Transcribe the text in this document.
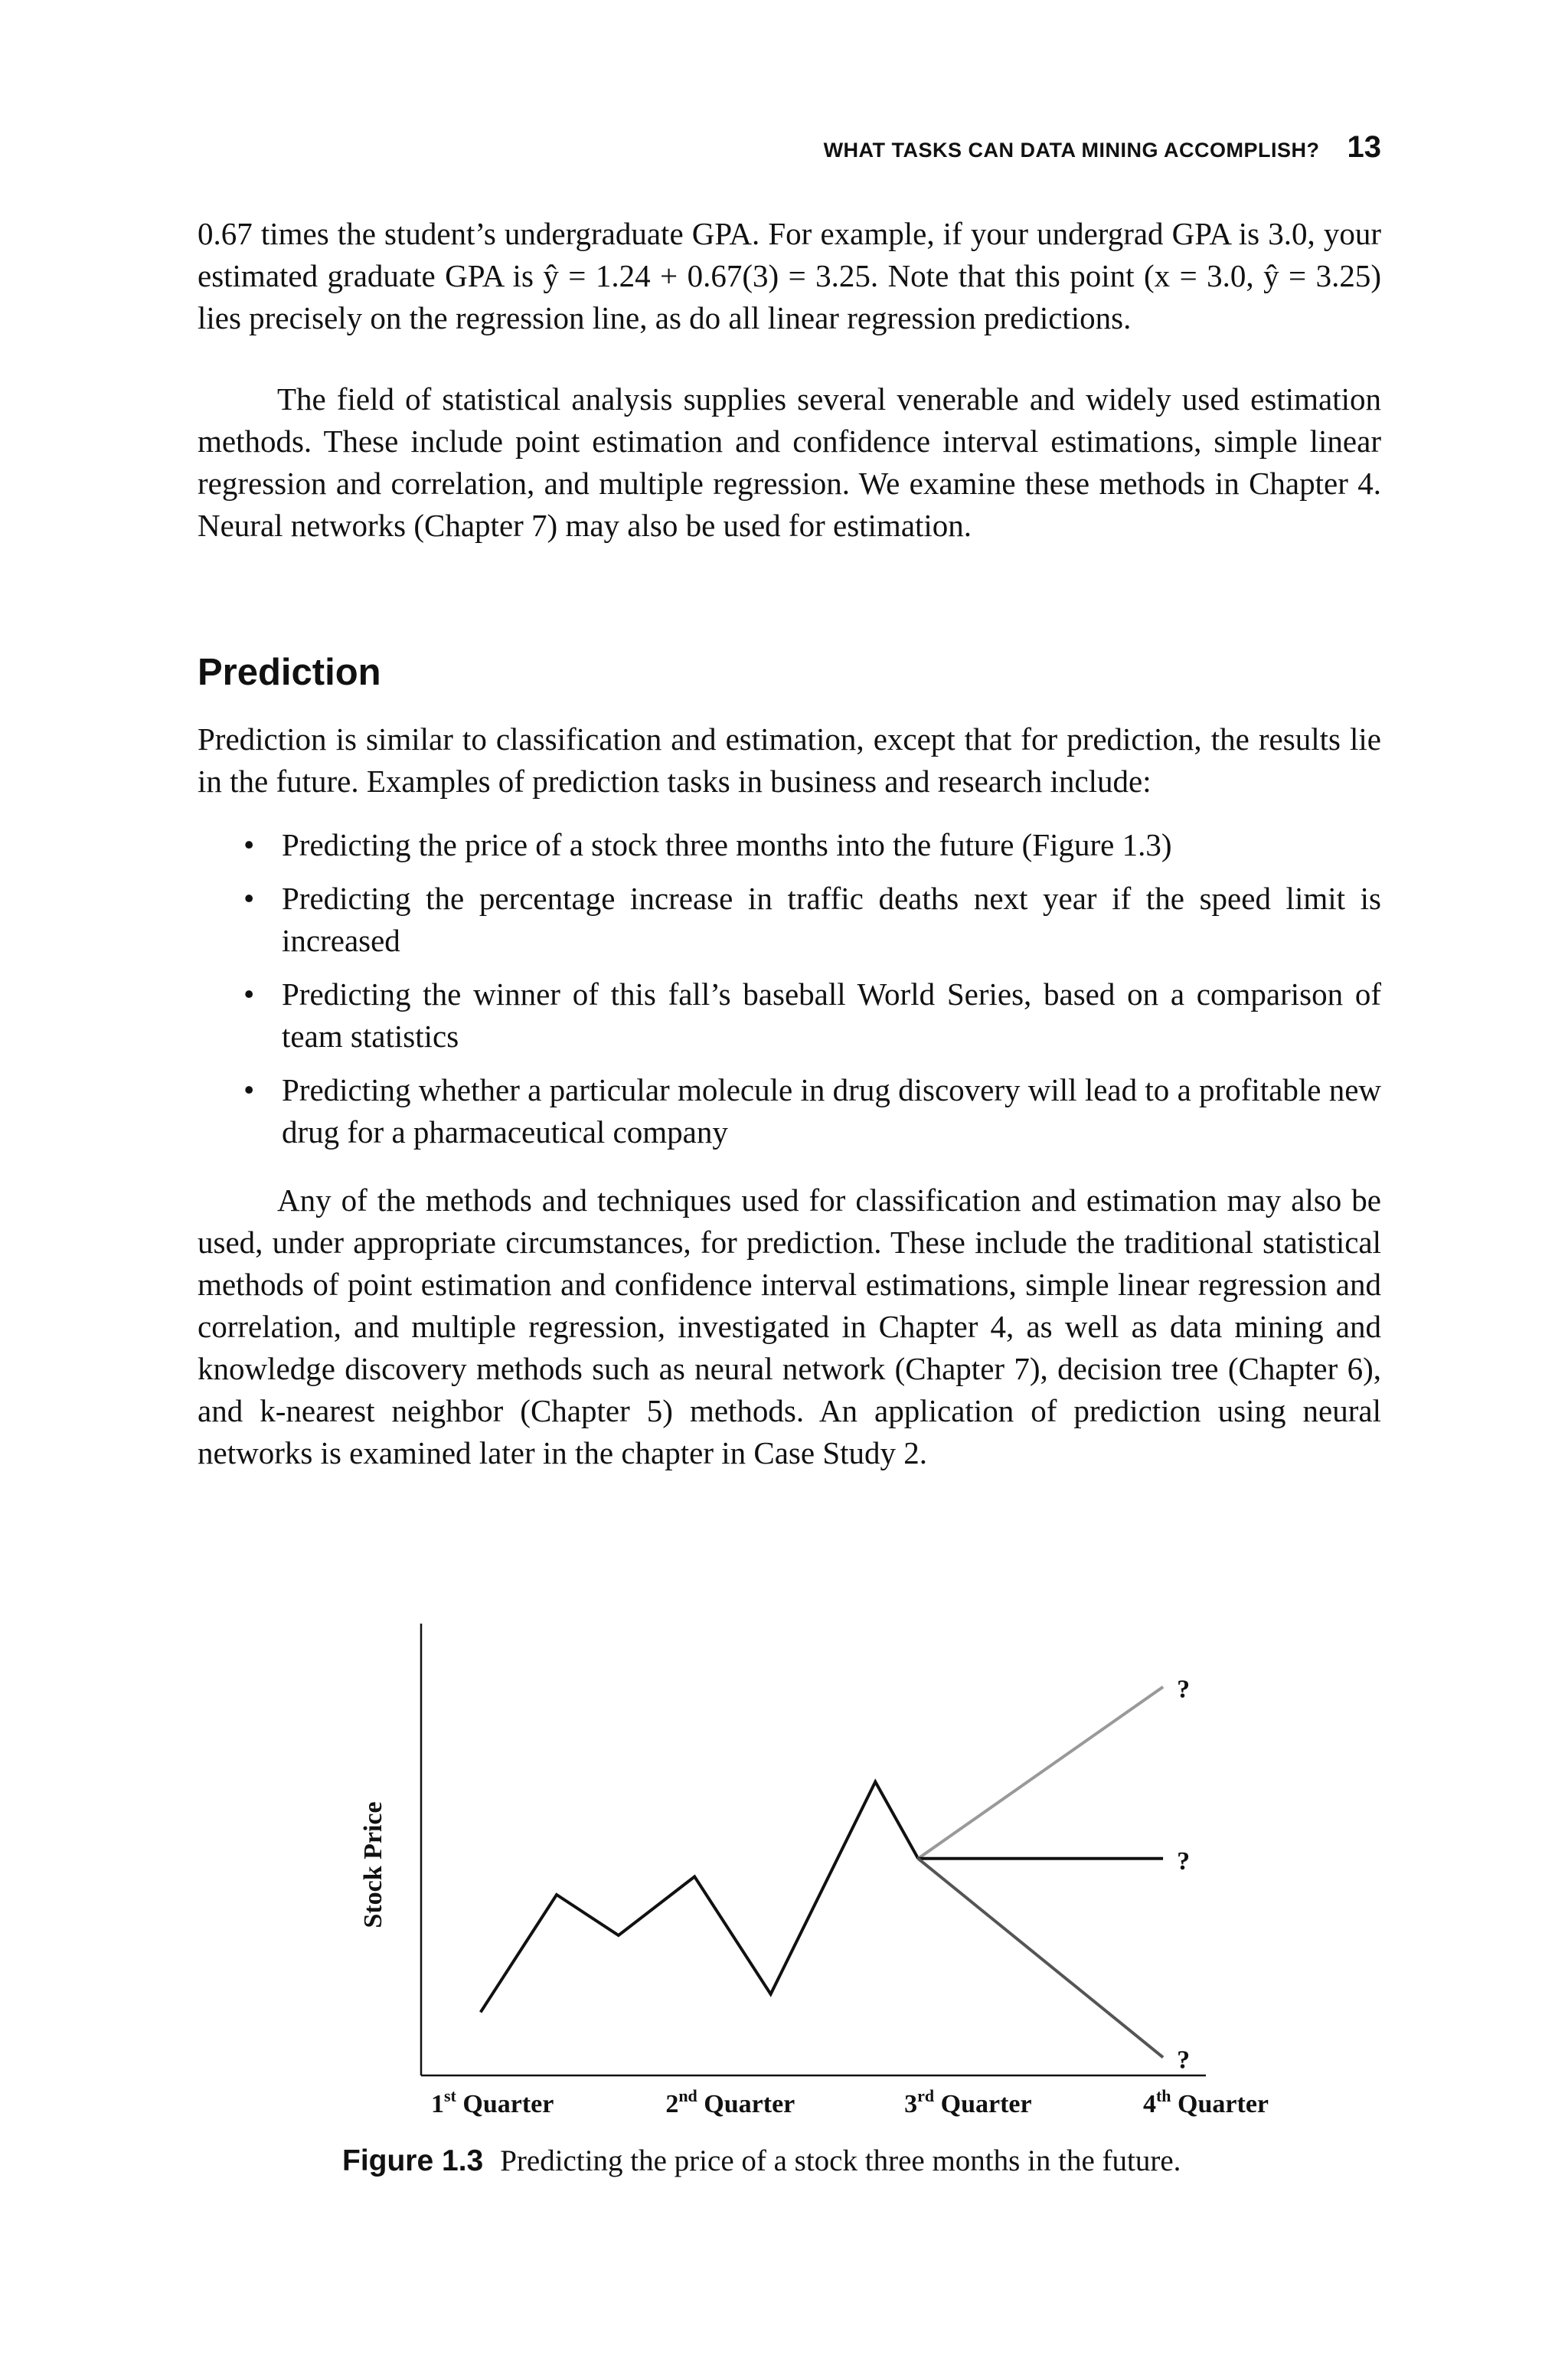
WHAT TASKS CAN DATA MINING ACCOMPLISH? 13

0.67 times the student’s undergraduate GPA. For example, if your undergrad GPA is 3.0, your estimated graduate GPA is ŷ = 1.24 + 0.67(3) = 3.25. Note that this point (x = 3.0, ŷ = 3.25) lies precisely on the regression line, as do all linear regression predictions.

The field of statistical analysis supplies several venerable and widely used estimation methods. These include point estimation and confidence interval estimations, simple linear regression and correlation, and multiple regression. We examine these methods in Chapter 4. Neural networks (Chapter 7) may also be used for estimation.

Prediction

Prediction is similar to classification and estimation, except that for prediction, the results lie in the future. Examples of prediction tasks in business and research include:

• Predicting the price of a stock three months into the future (Figure 1.3)
• Predicting the percentage increase in traffic deaths next year if the speed limit is increased
• Predicting the winner of this fall’s baseball World Series, based on a comparison of team statistics
• Predicting whether a particular molecule in drug discovery will lead to a profitable new drug for a pharmaceutical company

Any of the methods and techniques used for classification and estimation may also be used, under appropriate circumstances, for prediction. These include the traditional statistical methods of point estimation and confidence interval estimations, simple linear regression and correlation, and multiple regression, investigated in Chapter 4, as well as data mining and knowledge discovery methods such as neural network (Chapter 7), decision tree (Chapter 6), and k-nearest neighbor (Chapter 5) methods. An application of prediction using neural networks is examined later in the chapter in Case Study 2.

Stock Price
?
?
?
1st Quarter	2nd Quarter	3rd Quarter	4th Quarter
Figure 1.3 Predicting the price of a stock three months in the future.
